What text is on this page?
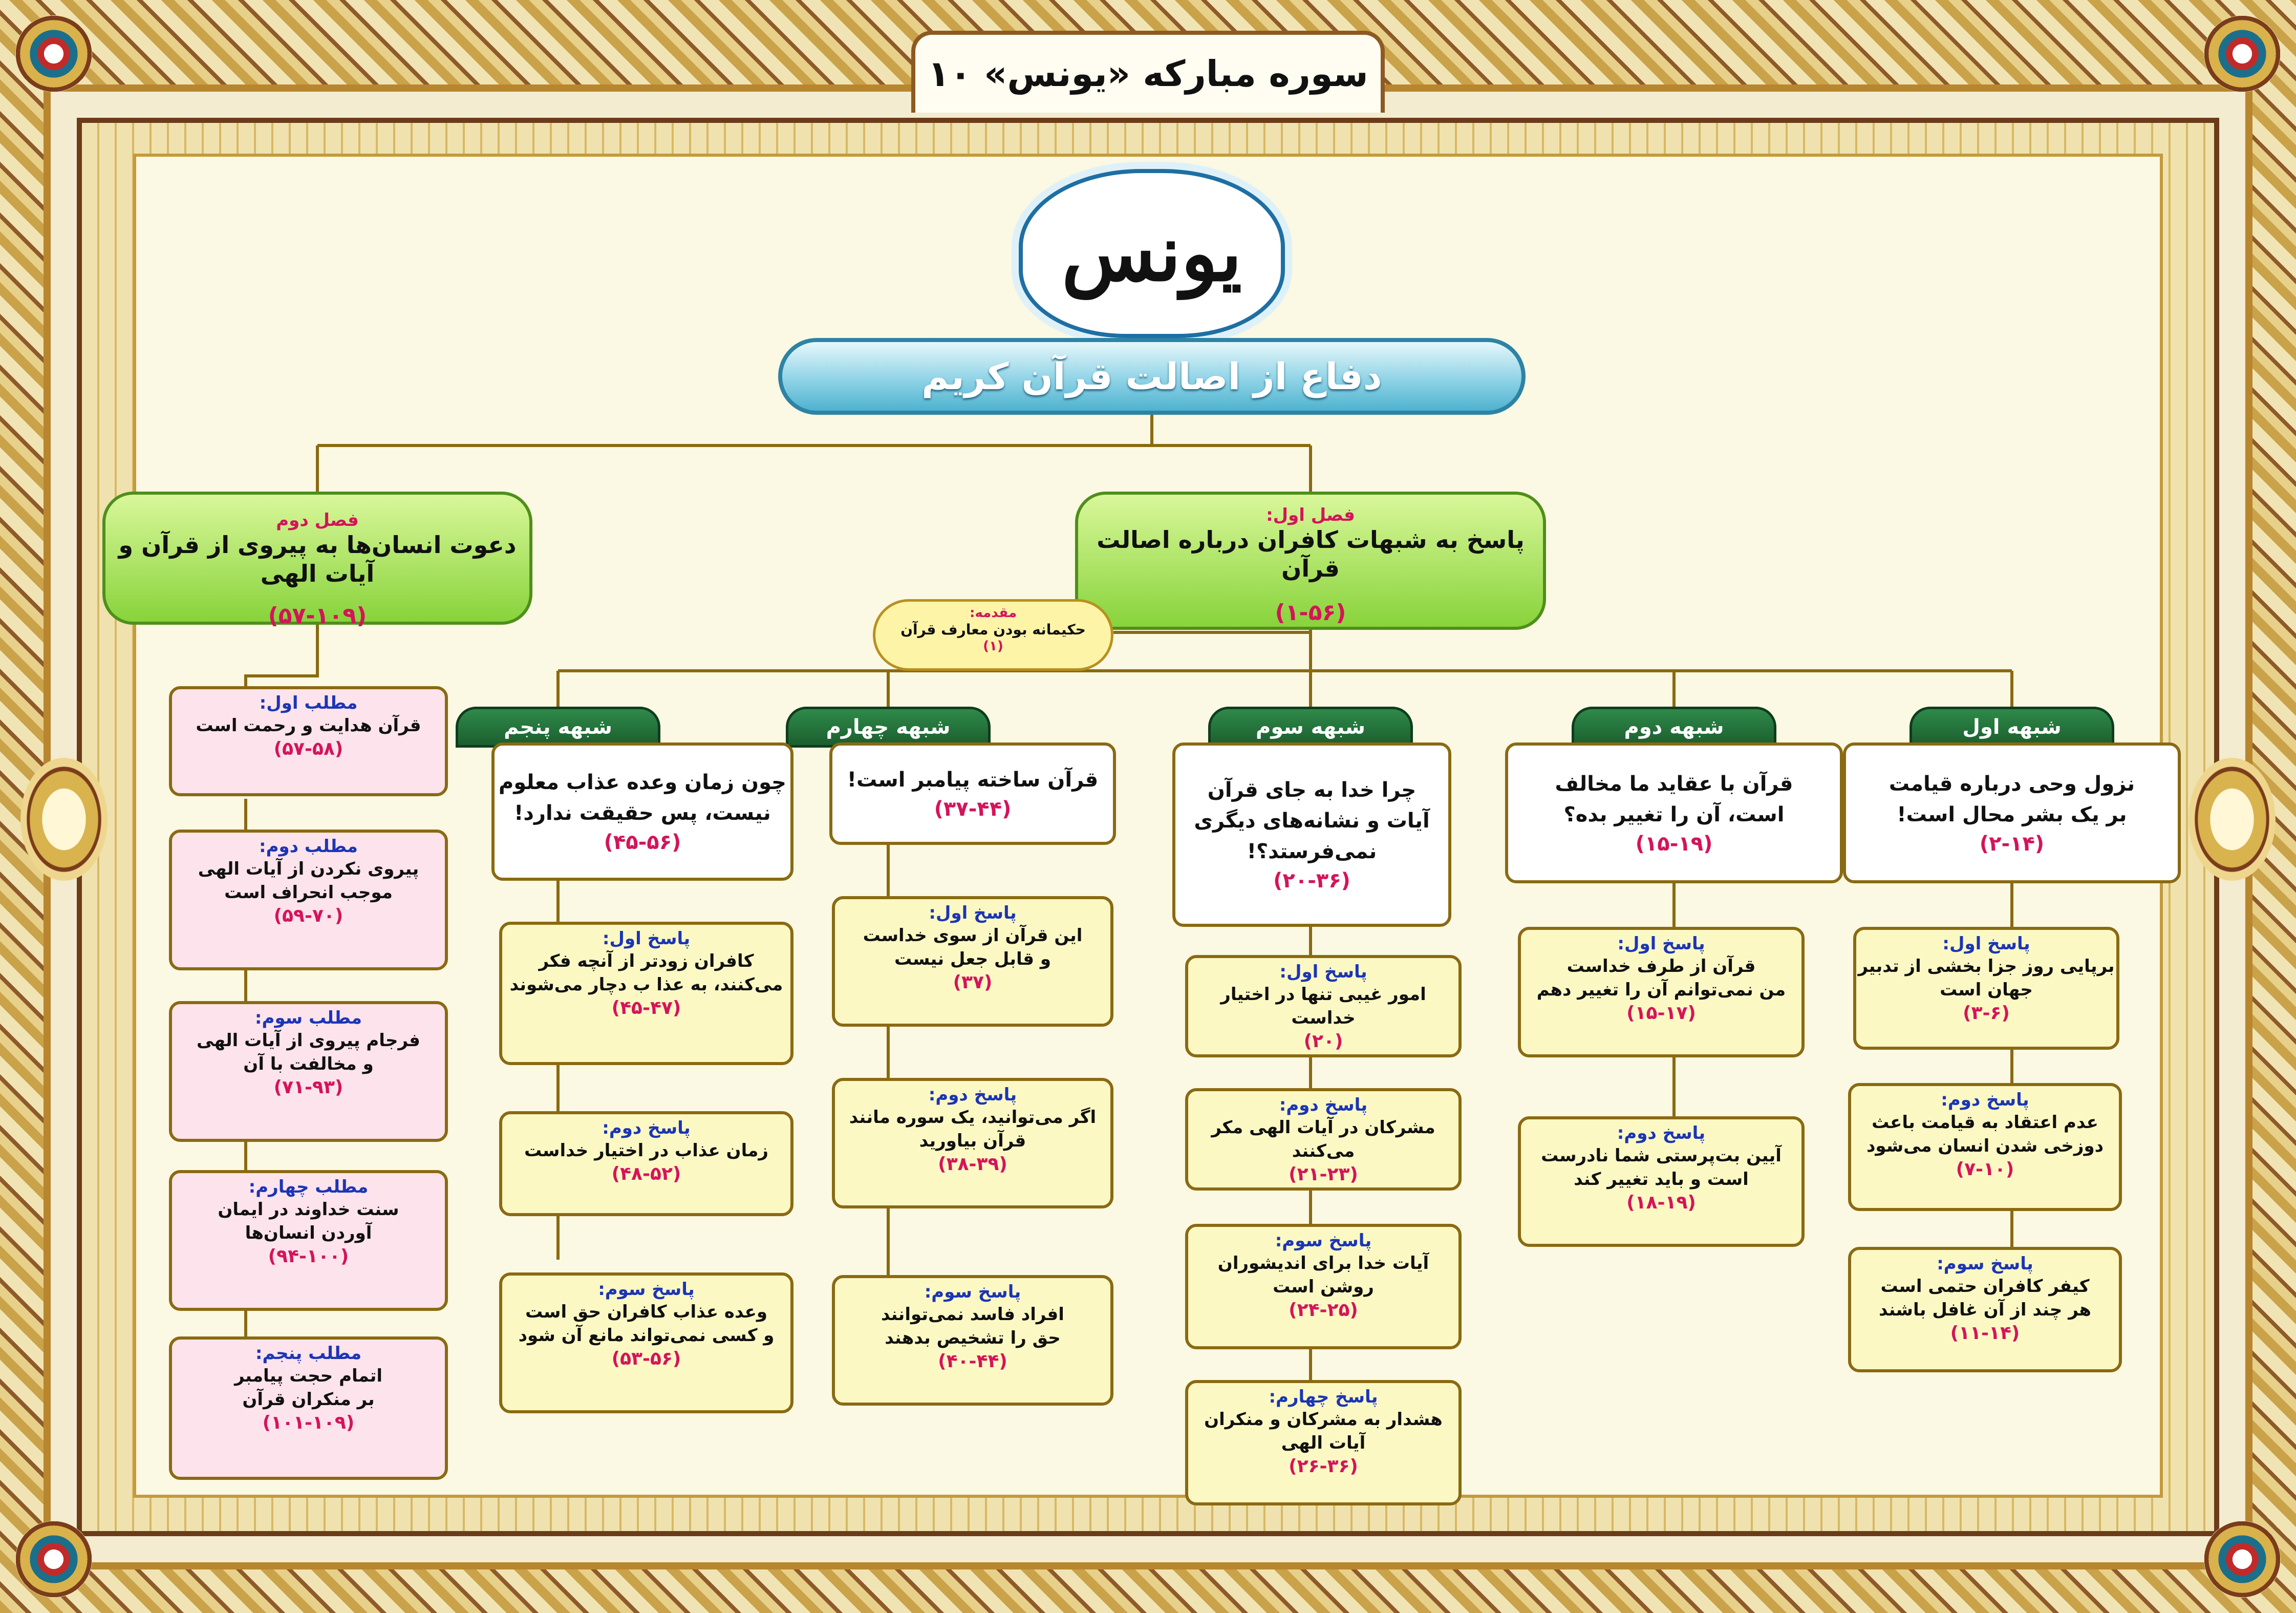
سوره مبارکه «یونس» ۱۰
یونس
دفاع از اصالت قرآن کریم
فصل اول:
پاسخ به شبهات کافران درباره اصالت قرآن
(۱-۵۶)
فصل دوم
دعوت انسان‌ها به پیروی از قرآن و آیات الهی
(۵۷-۱۰۹)	مقدمه:
حکیمانه بودن معارف قرآن
(۱)
شبهه اول
نزول وحی درباره قیامت
بر یک بشر محال است!
(۲-۱۴)
شبهه دوم
قرآن با عقاید ما مخالف
است، آن را تغییر بده؟
(۱۵-۱۹)
شبهه سوم
چرا خدا به جای قرآن
آیات و نشانه‌های دیگری
نمی‌فرستد؟!
(۲۰-۳۶)
شبهه چهارم
قرآن ساخته پیامبر است!
(۳۷-۴۴)
شبهه پنجم
چون زمان وعده عذاب معلوم
نیست، پس حقیقت ندارد!
(۴۵-۵۶)
پاسخ اول:
برپایی روز جزا بخشی از تدبیر
جهان است
(۳-۶)
پاسخ دوم:
عدم اعتقاد به قیامت باعث
دوزخی شدن انسان می‌شود
(۷-۱۰)
پاسخ سوم:
کیفر کافران حتمی است
هر چند از آن غافل باشند
(۱۱-۱۴)
پاسخ اول:
قرآن از طرف خداست
من نمی‌توانم آن را تغییر دهم
(۱۵-۱۷)
پاسخ دوم:
آیین بت‌پرستی شما نادرست
است و باید تغییر کند
(۱۸-۱۹)
پاسخ اول:
امور غیبی تنها در اختیار خداست
(۲۰)
پاسخ دوم:
مشرکان در آیات الهی مکر می‌کنند
(۲۱-۲۳)
پاسخ سوم:
آیات خدا برای اندیشوران
روشن است
(۲۴-۲۵)
پاسخ چهارم:
هشدار به مشرکان و منکران
آیات الهی
(۲۶-۳۶)
پاسخ اول:
این قرآن از سوی خداست
و قابل جعل نیست
(۳۷)
پاسخ دوم:
اگر می‌توانید، یک سوره مانند
قرآن بیاورید
(۳۸-۳۹)
پاسخ سوم:
افراد فاسد نمی‌توانند
حق را تشخیص بدهند
(۴۰-۴۴)
پاسخ اول:
کافران زودتر از آنچه فکر
می‌کنند، به عذا ب دچار می‌شوند
(۴۵-۴۷)
پاسخ دوم:
زمان عذاب در اختیار خداست
(۴۸-۵۲)
پاسخ سوم:
وعده عذاب کافران حق است
و کسی نمی‌تواند مانع آن شود
(۵۳-۵۶)
مطلب اول:
قرآن هدایت و رحمت است
(۵۷-۵۸)
مطلب دوم:
پیروی نکردن از آیات الهی
موجب انحراف است
(۵۹-۷۰)
مطلب سوم:
فرجام پیروی از آیات الهی
و مخالفت با آن
(۷۱-۹۳)
مطلب چهارم:
سنت خداوند در ایمان
آوردن انسان‌ها
(۹۴-۱۰۰)
مطلب پنجم:
اتمام حجت پیامبر
بر منکران قرآن
(۱۰۱-۱۰۹)
